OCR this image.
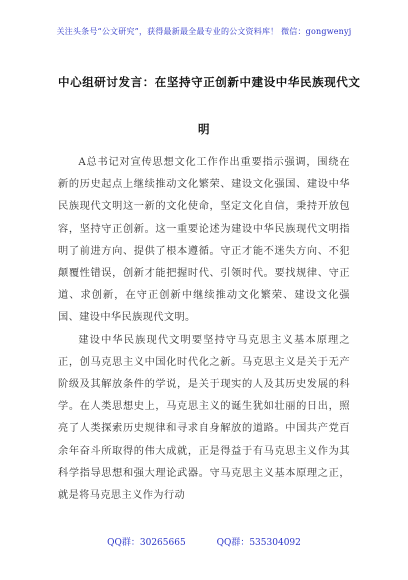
关注头条号“公文研究”，获得最新最全最专业的公文资料库！ 微信：gongwenyj
中心组研讨发言：在坚持守正创新中建设中华民族现代文
明

A总书记对宣传思想文化工作作出重要指示强调，围绕在新的历史起点上继续推动文化繁荣、建设文化强国、建设中华民族现代文明这一新的文化使命，坚定文化自信，秉持开放包容，坚持守正创新。这一重要论述为建设中华民族现代文明指明了前进方向、提供了根本遵循。守正才能不迷失方向、不犯颠覆性错误，创新才能把握时代、引领时代。要找规律、守正道、求创新，在守正创新中继续推动文化繁荣、建设文化强国、建设中华民族现代文明。

建设中华民族现代文明要坚持守马克思主义基本原理之正，创马克思主义中国化时代化之新。马克思主义是关于无产阶级及其解放条件的学说，是关于现实的人及其历史发展的科学。在人类思想史上，马克思主义的诞生犹如壮丽的日出，照亮了人类探索历史规律和寻求自身解放的道路。中国共产党百余年奋斗所取得的伟大成就，正是得益于有马克思主义作为其科学指导思想和强大理论武器。守马克思主义基本原理之正，就是将马克思主义作为行动

QQ群：30265665	QQ群：535304092
